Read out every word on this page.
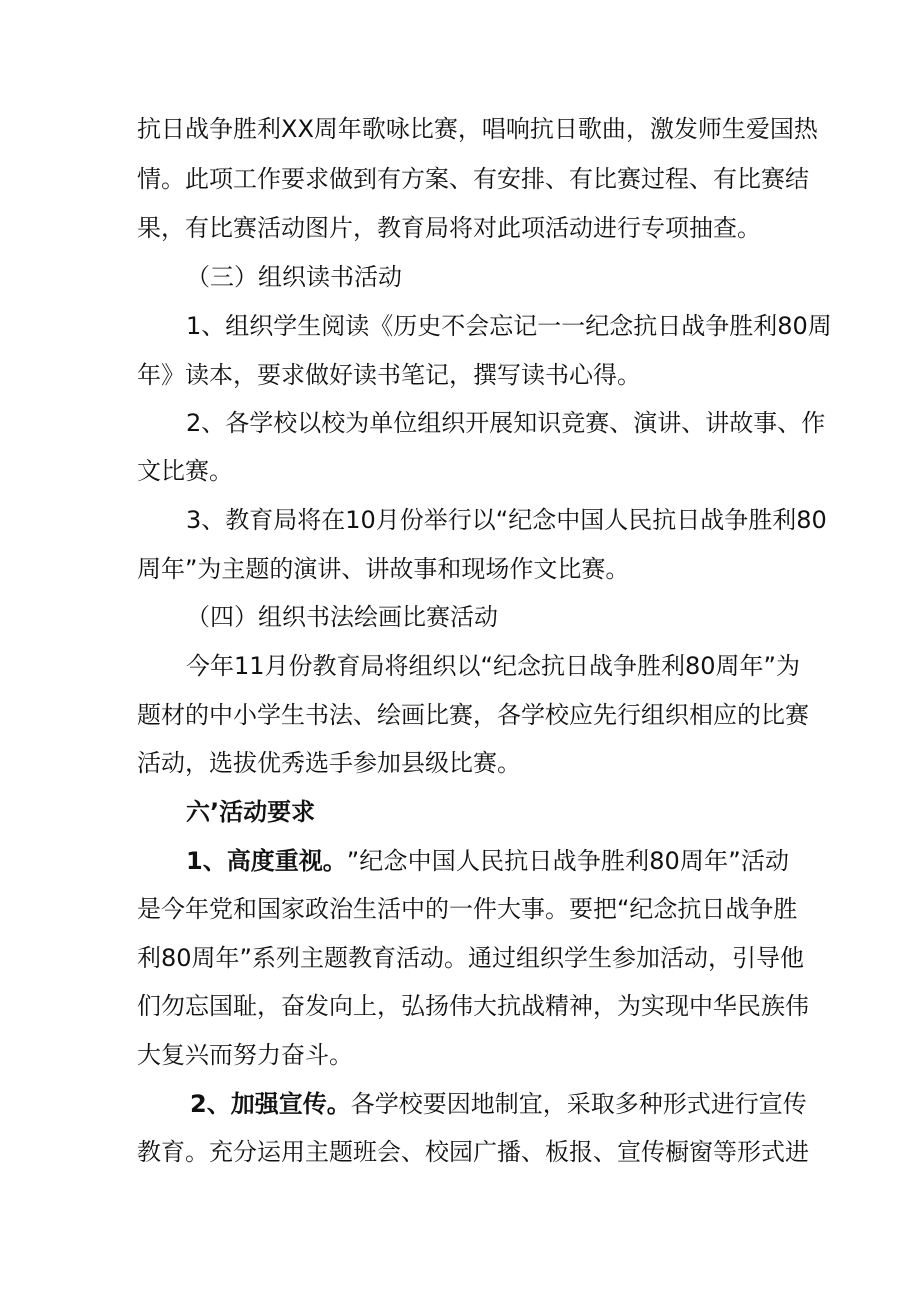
抗日战争胜利XX周年歌咏比赛，唱响抗日歌曲，激发师生爱国热
情。此项工作要求做到有方案、有安排、有比赛过程、有比赛结
果，有比赛活动图片，教育局将对此项活动进行专项抽查。
（三）组织读书活动
1、组织学生阅读《历史不会忘记一一纪念抗日战争胜利80周
年》读本，要求做好读书笔记，撰写读书心得。
2、各学校以校为单位组织开展知识竞赛、演讲、讲故事、作
文比赛。
3、教育局将在10月份举行以“纪念中国人民抗日战争胜利80
周年”为主题的演讲、讲故事和现场作文比赛。
（四）组织书法绘画比赛活动
今年11月份教育局将组织以“纪念抗日战争胜利80周年”为
题材的中小学生书法、绘画比赛，各学校应先行组织相应的比赛
活动，选拔优秀选手参加县级比赛。
六’活动要求
1、高度重视。 ”纪念中国人民抗日战争胜利80周年”活动
是今年党和国家政治生活中的一件大事。要把“纪念抗日战争胜
利80周年”系列主题教育活动。通过组织学生参加活动，引导他
们勿忘国耻，奋发向上，弘扬伟大抗战精神，为实现中华民族伟
大复兴而努力奋斗。
2、加强宣传。 各学校要因地制宜，采取多种形式进行宣传
教育。充分运用主题班会、校园广播、板报、宣传橱窗等形式进
